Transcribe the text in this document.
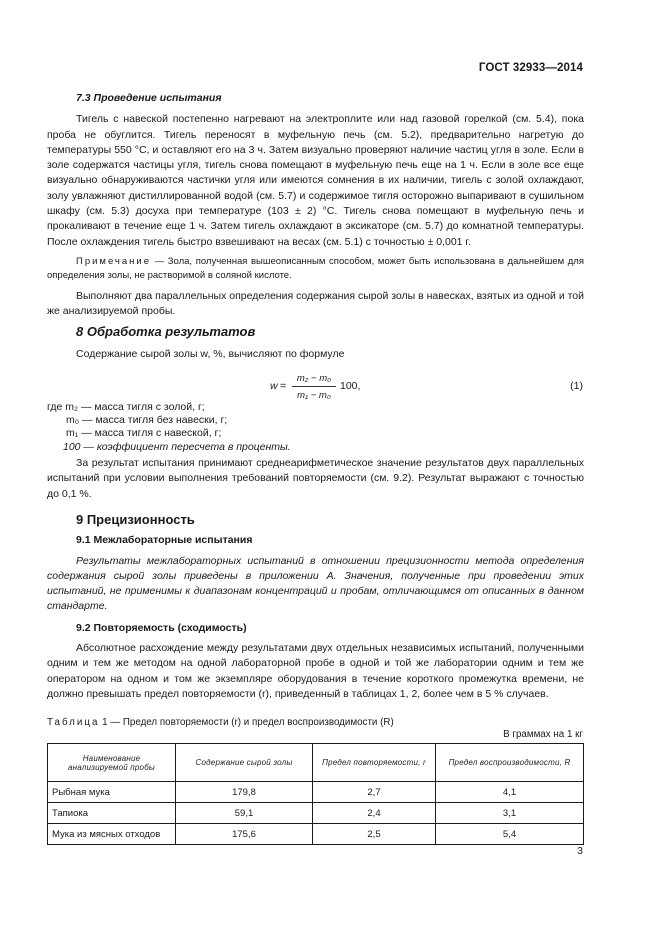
ГОСТ 32933—2014
7.3 Проведение испытания

Тигель с навеской постепенно нагревают на электроплите или над газовой горелкой (см. 5.4), пока проба не обуглится. Тигель переносят в муфельную печь (см. 5.2), предварительно нагретую до температуры 550 °С, и оставляют его на 3 ч. Затем визуально проверяют наличие частиц угля в золе. Если в золе содержатся частицы угля, тигель снова помещают в муфельную печь еще на 1 ч. Если в золе все еще визуально обнаруживаются частички угля или имеются сомнения в их наличии, тигель с золой охлаждают, золу увлажняют дистиллированной водой (см. 5.7) и содержимое тигля осторожно выпаривают в сушильном шкафу (см. 5.3) досуха при температуре (103 ± 2) °С. Тигель снова помещают в муфельную печь и прокаливают в течение еще 1 ч. Затем тигель охлаждают в эксикаторе (см. 5.7) до комнатной температуры. После охлаждения тигель быстро взвешивают на весах (см. 5.1) с точностью ± 0,001 г.

Примечание — Зола, полученная вышеописанным способом, может быть использована в дальнейшем для определения золы, не растворимой в соляной кислоте.

Выполняют два параллельных определения содержания сырой золы в навесках, взятых из одной и той же анализируемой пробы.

8 Обработка результатов

Содержание сырой золы w, %, вычисляют по формуле

$w = \frac{\text{m₂ − m₀}}{\text{m₁ − m₀}} 100$,	(1)
где m₂ — масса тигля с золой, г;
m₀ — масса тигля без навески, г;
m₁ — масса тигля с навеской, г;
100 — коэффициент пересчета в проценты.

За результат испытания принимают среднеарифметическое значение результатов двух параллельных испытаний при условии выполнения требований повторяемости (см. 9.2). Результат выражают с точностью до 0,1 %.

9 Прецизионность
9.1 Межлабораторные испытания

Результаты межлабораторных испытаний в отношении прецизионности метода определения содержания сырой золы приведены в приложении А. Значения, полученные при проведении этих испытаний, не применимы к диапазонам концентраций и пробам, отличающимся от описанных в данном стандарте.

9.2 Повторяемость (сходимость)

Абсолютное расхождение между результатами двух отдельных независимых испытаний, полученными одним и тем же методом на одной лабораторной пробе в одной и той же лаборатории одним и тем же оператором на одном и том же экземпляре оборудования в течение короткого промежутка времени, не должно превышать предел повторяемости (r), приведенный в таблицах 1, 2, более чем в 5 % случаев.

Таблица 1 — Предел повторяемости (r) и предел воспроизводимости (R)
В граммах на 1 кг
Наименование анализируемой пробы	Содержание сырой золы	Предел повторяемости, r	Предел воспроизводимости, R
Рыбная мука	179,8	2,7	4,1
Тапиока	59,1	2,4	3,1
Мука из мясных отходов	175,6	2,5	5,4
3
